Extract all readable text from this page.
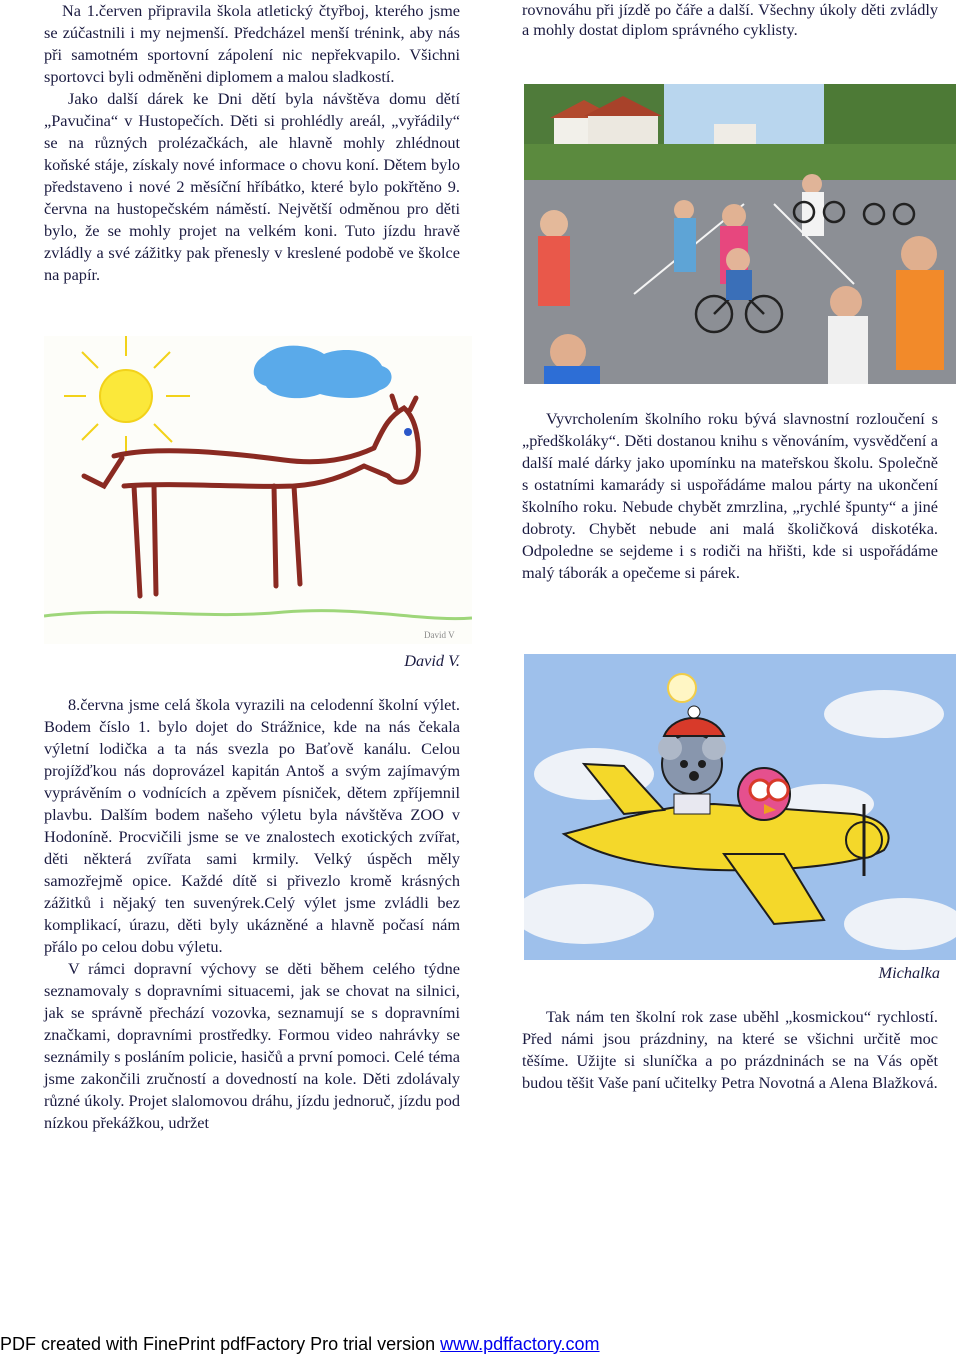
Na 1.červen připravila škola atletický čtyřboj, kterého jsme se zúčastnili i my nejmenší. Předcházel menší trénink, aby nás při samotném sportovní zápolení nic nepřekvapilo. Všichni sportovci byli odměněni diplomem a malou sladkostí.

Jako další dárek ke Dni dětí byla návštěva domu dětí „Pavučina“ v Hustopečích. Děti si prohlédly areál, „vyřádily“ se na různých prolézačkách, ale hlavně mohly zhlédnout koňské stáje, získaly nové informace o chovu koní. Dětem bylo představeno i nové 2 měsíční hříbátko, které bylo pokřtěno 9. června na hustopečském náměstí. Největší odměnou pro děti bylo, že se mohly projet na velkém koni. Tuto jízdu hravě zvládly a své zážitky pak přenesly v kreslené podobě ve školce na papír.

David V
David V.

8.června jsme celá škola vyrazili na celodenní školní výlet. Bodem číslo 1. bylo dojet do Strážnice, kde na nás čekala výletní lodička a ta nás svezla po Baťově kanálu. Celou projížďkou nás doprovázel kapitán Antoš a svým zajímavým vyprávěním o vodnících a zpěvem písniček, dětem zpříjemnil plavbu. Dalším bodem našeho výletu byla návštěva ZOO v Hodoníně. Procvičili jsme se ve znalostech exotických zvířat, děti některá zvířata sami krmily. Velký úspěch měly samozřejmě opice. Každé dítě si přivezlo kromě krásných zážitků i nějaký ten suvenýrek.Celý výlet jsme zvládli bez komplikací, úrazu, děti byly ukázněné a hlavně počasí nám přálo po celou dobu výletu.

V rámci dopravní výchovy se děti během celého týdne seznamovaly s dopravními situacemi, jak se chovat na silnici, jak se správně přechází vozovka, seznamují se s dopravními značkami, dopravními prostředky. Formou video nahrávky se seznámily s posláním policie, hasičů a první pomoci. Celé téma jsme zakončili zručností a dovedností na kole. Děti zdolávaly různé úkoly. Projet slalomovou dráhu, jízdu jednoruč, jízdu pod nízkou překážkou, udržet

rovnováhu při jízdě po čáře a další. Všechny úkoly děti zvládly a mohly dostat diplom správného cyklisty.

Vyvrcholením školního roku bývá slavnostní rozloučení s „předškoláky“. Děti dostanou knihu s věnováním, vysvědčení a další malé dárky jako upomínku na mateřskou školu. Společně s ostatními kamarády si uspořádáme malou párty na ukončení školního roku. Nebude chybět zmrzlina, „rychlé špunty“ a jiné dobroty. Chybět nebude ani malá školičková diskotéka. Odpoledne se sejdeme i s rodiči na hřišti, kde si uspořádáme malý táborák a opečeme si párek.

Michalka

Tak nám ten školní rok zase uběhl „kosmickou“ rychlostí. Před námi jsou prázdniny, na které se všichni určitě moc těšíme. Užijte si sluníčka a po prázdninách se na Vás opět budou těšit Vaše paní učitelky Petra Novotná a Alena Blažková.

PDF created with FinePrint pdfFactory Pro trial version www.pdffactory.com
